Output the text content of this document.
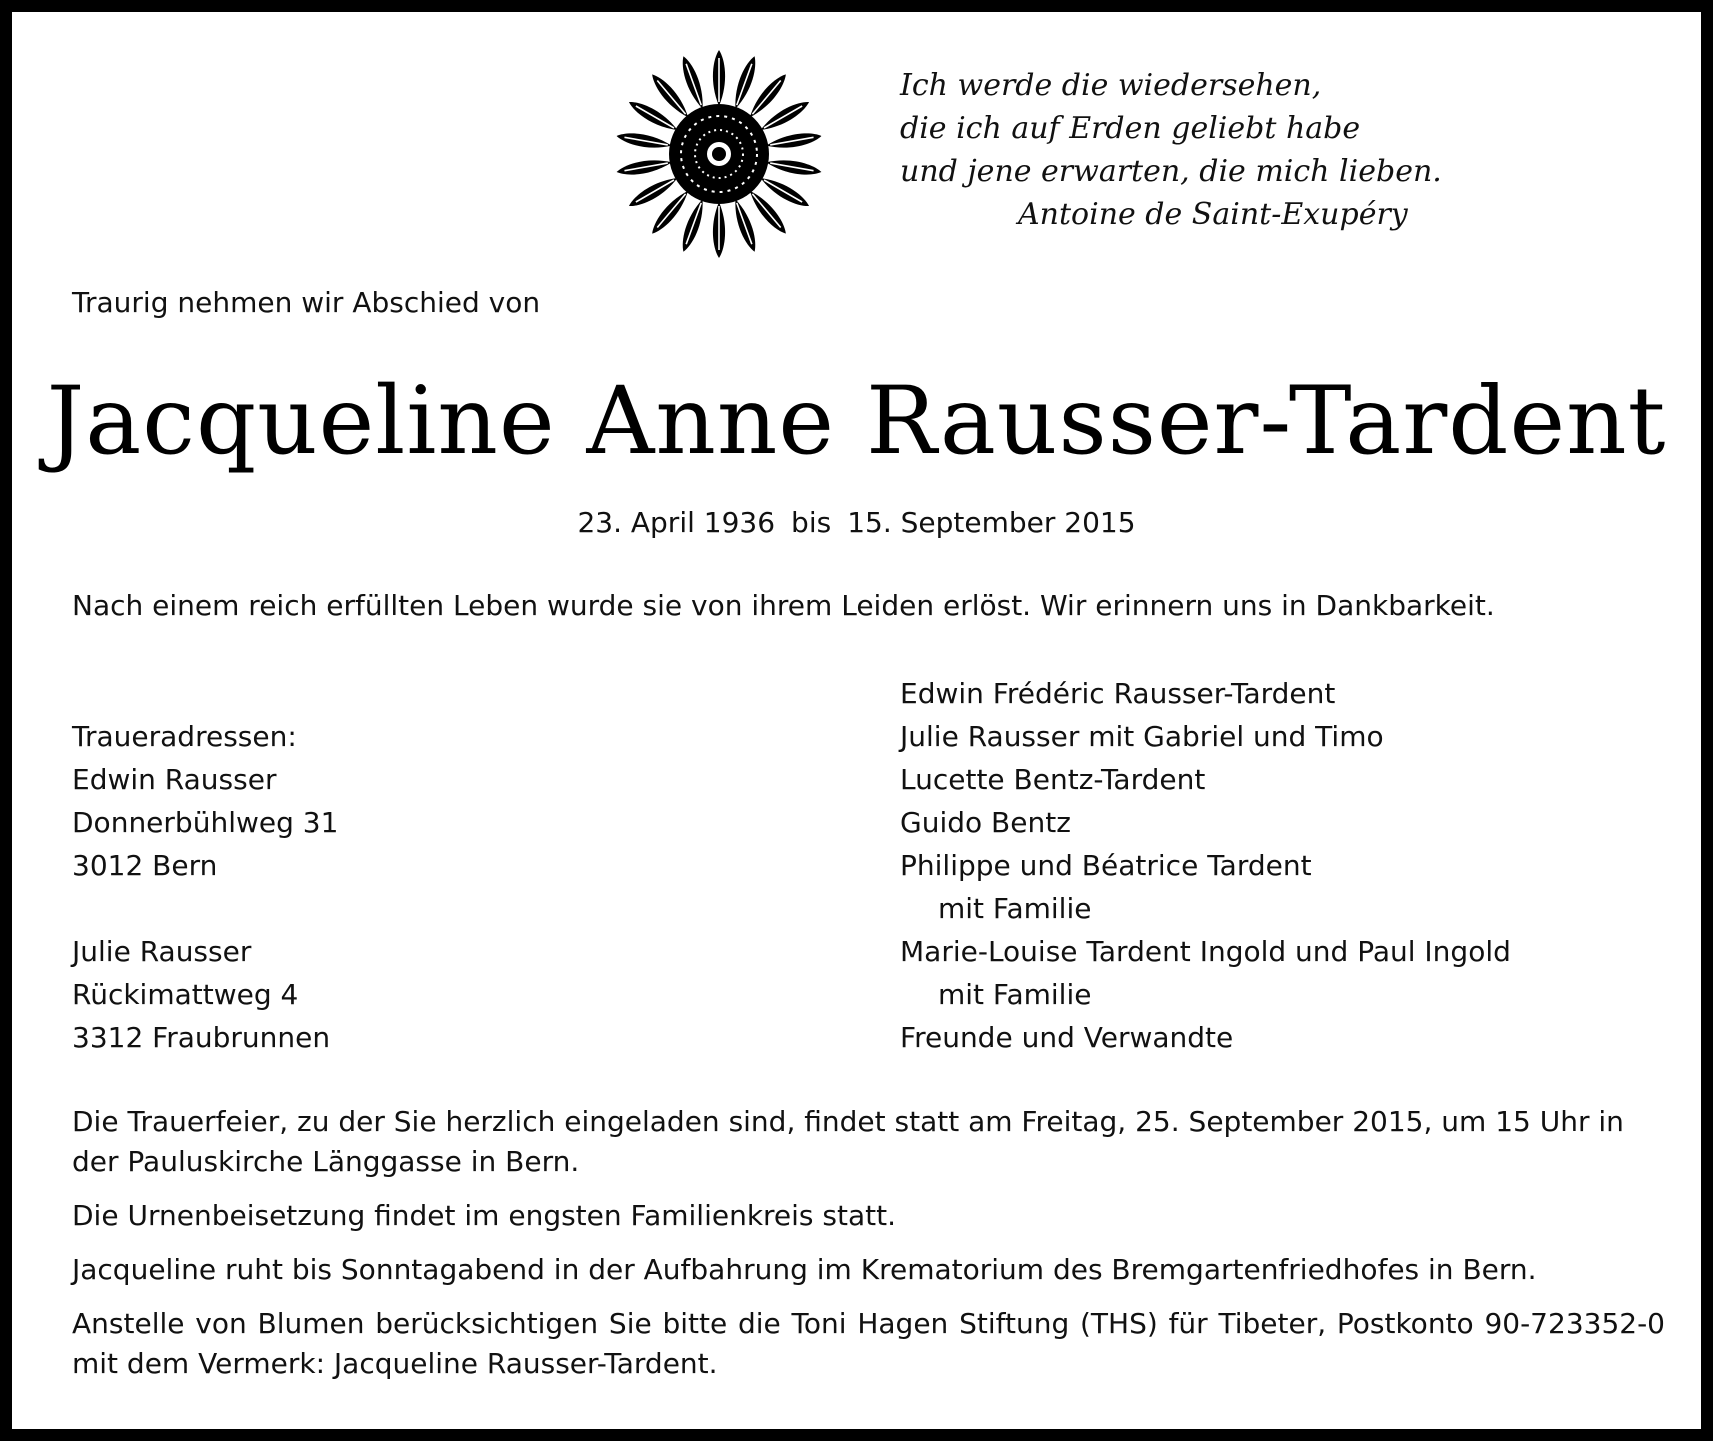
Ich werde die wiedersehen,
die ich auf Erden geliebt habe
und jene erwarten, die mich lieben.
Antoine de Saint-Exupéry
Traurig nehmen wir Abschied von
Jacqueline Anne Rausser-Tardent
23. April 1936 bis 15. September 2015
Nach einem reich erfüllten Leben wurde sie von ihrem Leiden erlöst. Wir erinnern uns in Dankbarkeit.
Traueradressen:
Edwin Rausser
Donnerbühlweg 31
3012 Bern
Julie Rausser
Rückimattweg 4
3312 Fraubrunnen
Edwin Frédéric Rausser-Tardent
Julie Rausser mit Gabriel und Timo
Lucette Bentz-Tardent
Guido Bentz
Philippe und Béatrice Tardent
mit Familie
Marie-Louise Tardent Ingold und Paul Ingold
mit Familie
Freunde und Verwandte

Die Trauerfeier, zu der Sie herzlich eingeladen sind, findet statt am Freitag, 25. September 2015, um 15 Uhr in der Pauluskirche Länggasse in Bern.

Die Urnenbeisetzung findet im engsten Familienkreis statt.

Jacqueline ruht bis Sonntagabend in der Aufbahrung im Krematorium des Bremgartenfriedhofes in Bern.

Anstelle von Blumen berücksichtigen Sie bitte die Toni Hagen Stiftung (THS) für Tibeter, Postkonto 90-723352-0 mit dem Vermerk: Jacqueline Rausser-Tardent.
